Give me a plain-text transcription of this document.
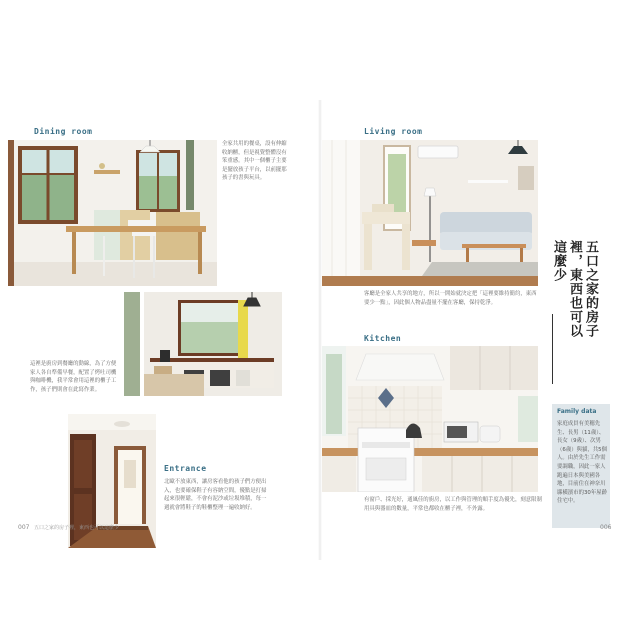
Dining room
全家共用的餐桌，設有伸縮收納櫃，但是視覺整體沒有笨重感。其中一個櫃子主要是擺放孩子平台，以前擺那孩子的書與玩具。
這裡是廚房到餐廳的動線，為了方便家人各自準備早餐，配置了烤吐司機與咖啡機，我平常會用這裡的櫃子工作，孩子們則會在此寫作業。
Entrance
北歐不放東西，讓房客看他的孩子們方便出入，也要確保鞋子有容納空間，優點是打掃起來很輕鬆，不會有泥沙或垃圾堆積，每一週就會將鞋子的鞋櫃整理一遍收納好。
007 五口之家的房子裡，東西也可以這麼少
Living room
客廳是全家人共享的地方，所以一開始就決定把「這裡要維持簡約，東西要少一點」，因此個人物品盡量不擺在客廳，保持乾淨。	五口之家的房子裡，東西也可以這麼少
Kitchen
Family data
家庭成員有美穗先生、長男（11歲）、長女（9歲）、次男（6歲）與貓，共5個人。由於先生工作需要調職，因此一家人跑遍日本與美國各地，目前住在神奈川縣橫濱市的30年屋齡住宅中。
有窗戶、採光好，通風佳的廚房，以工作與管理的順手度為優先，刻意限制用具與器皿的數量，平常也都收在櫃子裡，不外露。
006
